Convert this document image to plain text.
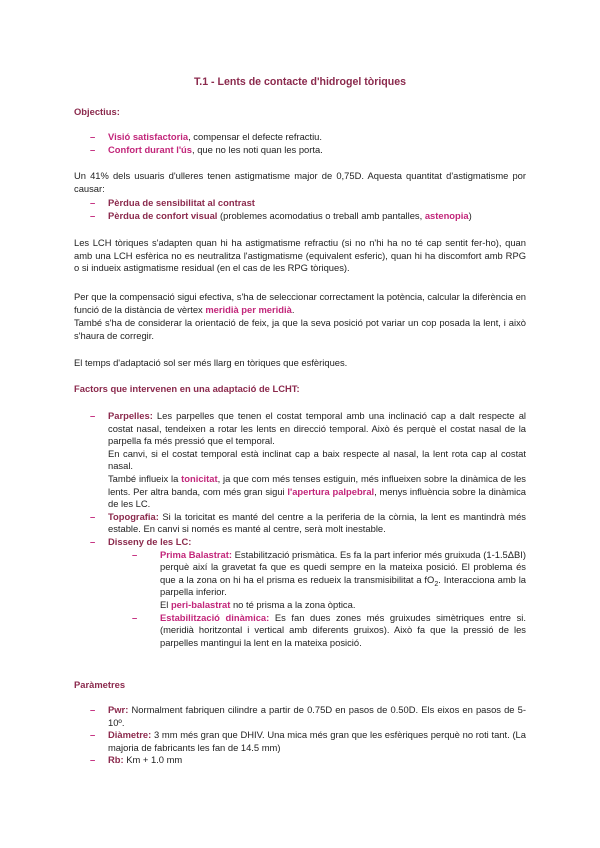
T.1 - Lents de contacte d'hidrogel tòriques
Objectius:
– Visió satisfactoria, compensar el defecte refractiu.
– Confort durant l'ús, que no les noti quan les porta.
Un 41% dels usuaris d'ulleres tenen astigmatisme major de 0,75D. Aquesta quantitat d'astigmatisme por causar:
– Pèrdua de sensibilitat al contrast
– Pèrdua de confort visual (problemes acomodatius o treball amb pantalles, astenopia)
Les LCH tòriques s'adapten quan hi ha astigmatisme refractiu (si no n'hi ha no té cap sentit fer-ho), quan amb una LCH esfèrica no es neutralitza l'astigmatisme (equivalent esferic), quan hi ha discomfort amb RPG o si indueix astigmatisme residual (en el cas de les RPG tòriques).
Per que la compensació sigui efectiva, s'ha de seleccionar correctament la potència, calcular la diferència en funció de la distància de vèrtex meridià per meridià.
També s'ha de considerar la orientació de feix, ja que la seva posició pot variar un cop posada la lent, i això s'haura de corregir.
El temps d'adaptació sol ser més llarg en tòriques que esfèriques.
Factors que intervenen en una adaptació de LCHT:
– Parpelles: Les parpelles que tenen el costat temporal amb una inclinació cap a dalt respecte al costat nasal, tendeixen a rotar les lents en direcció temporal. Això és perquè el costat nasal de la parpella fa més pressió que el temporal.
En canvi, si el costat temporal està inclinat cap a baix respecte al nasal, la lent rota cap al costat nasal.
També influeix la tonicitat, ja que com més tenses estiguin, més influeixen sobre la dinàmica de les lents. Per altra banda, com més gran sigui l'apertura palpebral, menys influència sobre la dinàmica de les LC.
– Topografia: Si la toricitat es manté del centre a la periferia de la còrnia, la lent es mantindrà més estable. En canvi si només es manté al centre, serà molt inestable.
– Disseny de les LC:
– Prima Balastrat: Estabilització prismàtica. Es fa la part inferior més gruixuda (1-1.5ΔBI) perquè així la gravetat fa que es quedi sempre en la mateixa posició. El problema és que a la zona on hi ha el prisma es redueix la transmisibilitat a $fO_2$. Interacciona amb la parpella inferior.
El peri-balastrat no té prisma a la zona òptica.
– Estabilització dinàmica: Es fan dues zones més gruixudes simètriques entre si. (meridià horitzontal i vertical amb diferents gruixos). Això fa que la pressió de les parpelles mantingui la lent en la mateixa posició.
Paràmetres
– Pwr: Normalment fabriquen cilindre a partir de 0.75D en pasos de 0.50D. Els eixos en pasos de 5-10º.
– Diàmetre: 3 mm més gran que DHIV. Una mica més gran que les esfèriques perquè no roti tant. (La majoria de fabricants les fan de 14.5 mm)
– Rb: Km + 1.0 mm
